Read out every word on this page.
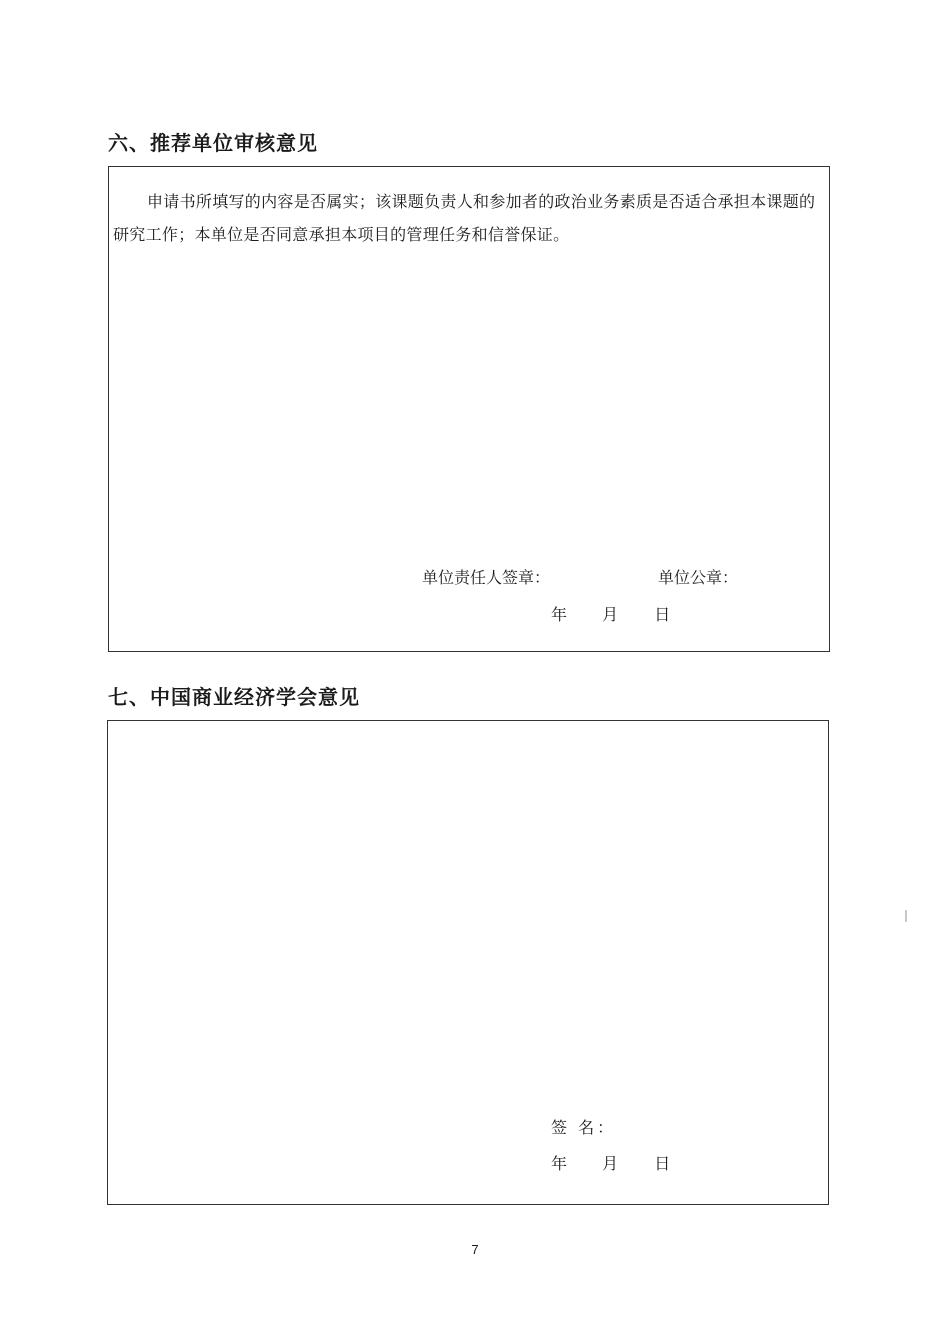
六、推荐单位审核意见

申请书所填写的内容是否属实；该课题负责人和参加者的政治业务素质是否适合承担本课题的研究工作；本单位是否同意承担本项目的管理任务和信誉保证。

单位责任人签章：	单位公章：
年 月 日
七、中国商业经济学会意见
签 名：
年 月 日
7
